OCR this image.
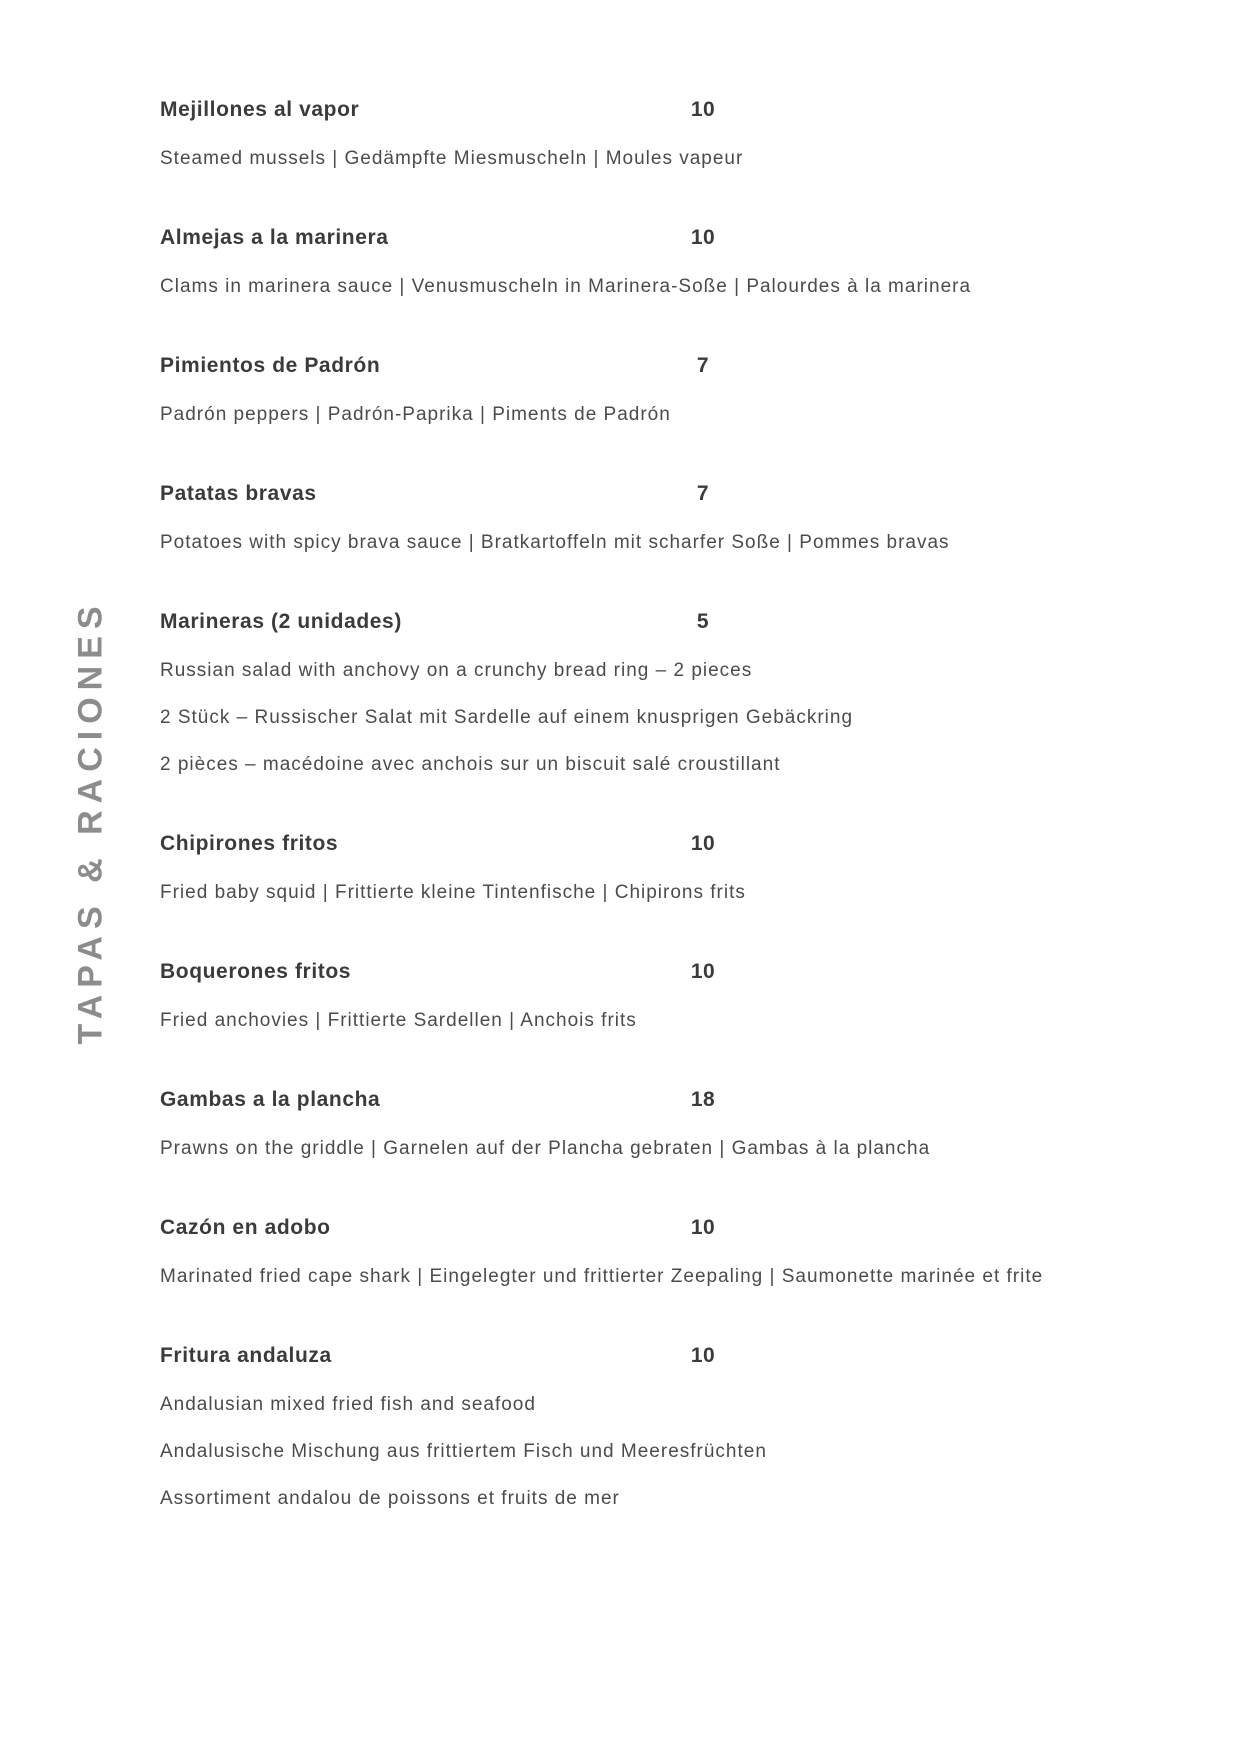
TAPAS & RACIONES
Mejillones al vapor	10

Steamed mussels | Gedämpfte Miesmuscheln | Moules vapeur

Almejas a la marinera	10

Clams in marinera sauce | Venusmuscheln in Marinera-Soße | Palourdes à la marinera

Pimientos de Padrón	7

Padrón peppers | Padrón-Paprika | Piments de Padrón

Patatas bravas	7

Potatoes with spicy brava sauce | Bratkartoffeln mit scharfer Soße | Pommes bravas

Marineras (2 unidades)	5

Russian salad with anchovy on a crunchy bread ring – 2 pieces

2 Stück – Russischer Salat mit Sardelle auf einem knusprigen Gebäckring

2 pièces – macédoine avec anchois sur un biscuit salé croustillant

Chipirones fritos	10

Fried baby squid | Frittierte kleine Tintenfische | Chipirons frits

Boquerones fritos	10

Fried anchovies | Frittierte Sardellen | Anchois frits

Gambas a la plancha	18

Prawns on the griddle | Garnelen auf der Plancha gebraten | Gambas à la plancha

Cazón en adobo	10

Marinated fried cape shark | Eingelegter und frittierter Zeepaling | Saumonette marinée et frite

Fritura andaluza	10

Andalusian mixed fried fish and seafood

Andalusische Mischung aus frittiertem Fisch und Meeresfrüchten

Assortiment andalou de poissons et fruits de mer
